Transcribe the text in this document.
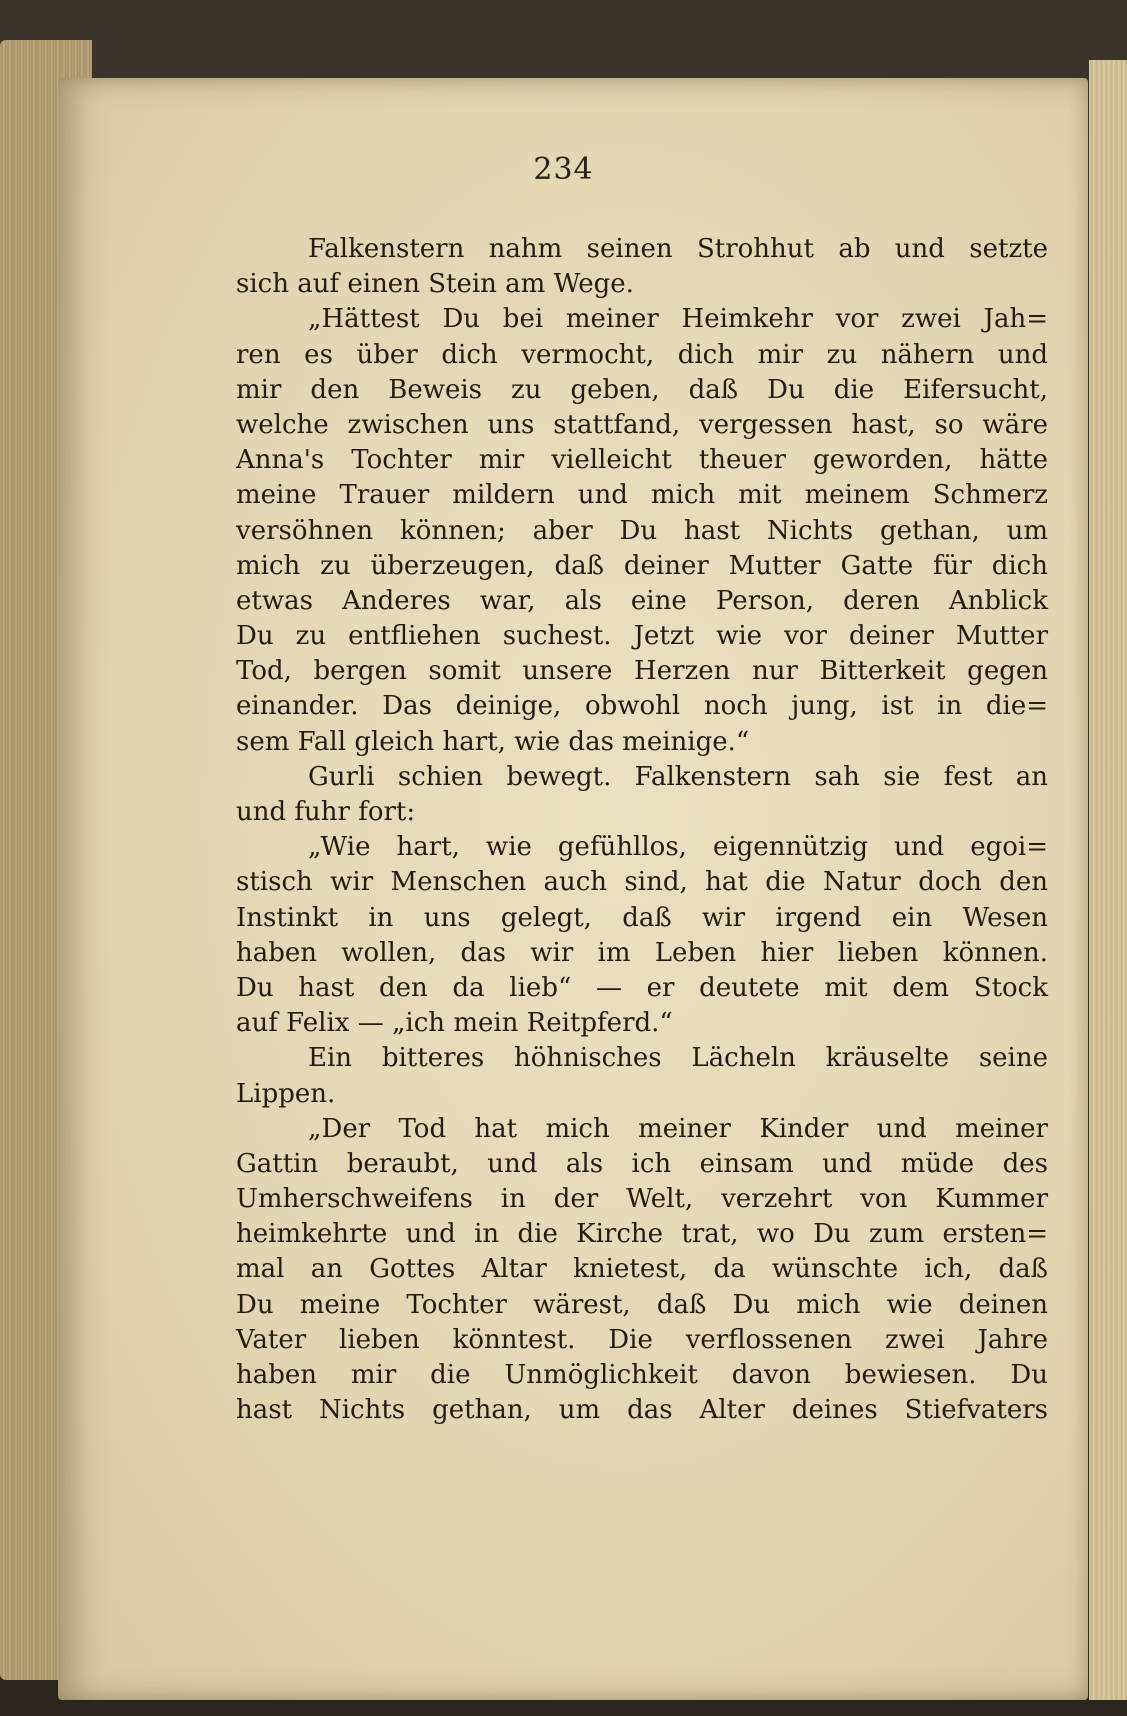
234
Falkenstern nahm seinen Strohhut ab und setzte
sich auf einen Stein am Wege.
„Hättest Du bei meiner Heimkehr vor zwei Jah=
ren es über dich vermocht, dich mir zu nähern und
mir den Beweis zu geben, daß Du die Eifersucht,
welche zwischen uns stattfand, vergessen hast, so wäre
Anna's Tochter mir vielleicht theuer geworden, hätte
meine Trauer mildern und mich mit meinem Schmerz
versöhnen können; aber Du hast Nichts gethan, um
mich zu überzeugen, daß deiner Mutter Gatte für dich
etwas Anderes war, als eine Person, deren Anblick
Du zu entfliehen suchest. Jetzt wie vor deiner Mutter
Tod, bergen somit unsere Herzen nur Bitterkeit gegen
einander. Das deinige, obwohl noch jung, ist in die=
sem Fall gleich hart, wie das meinige.“
Gurli schien bewegt. Falkenstern sah sie fest an
und fuhr fort:
„Wie hart, wie gefühllos, eigennützig und egoi=
stisch wir Menschen auch sind, hat die Natur doch den
Instinkt in uns gelegt, daß wir irgend ein Wesen
haben wollen, das wir im Leben hier lieben können.
Du hast den da lieb“ — er deutete mit dem Stock
auf Felix — „ich mein Reitpferd.“
Ein bitteres höhnisches Lächeln kräuselte seine
Lippen.
„Der Tod hat mich meiner Kinder und meiner
Gattin beraubt, und als ich einsam und müde des
Umherschweifens in der Welt, verzehrt von Kummer
heimkehrte und in die Kirche trat, wo Du zum ersten=
mal an Gottes Altar knietest, da wünschte ich, daß
Du meine Tochter wärest, daß Du mich wie deinen
Vater lieben könntest. Die verflossenen zwei Jahre
haben mir die Unmöglichkeit davon bewiesen. Du
hast Nichts gethan, um das Alter deines Stiefvaters
